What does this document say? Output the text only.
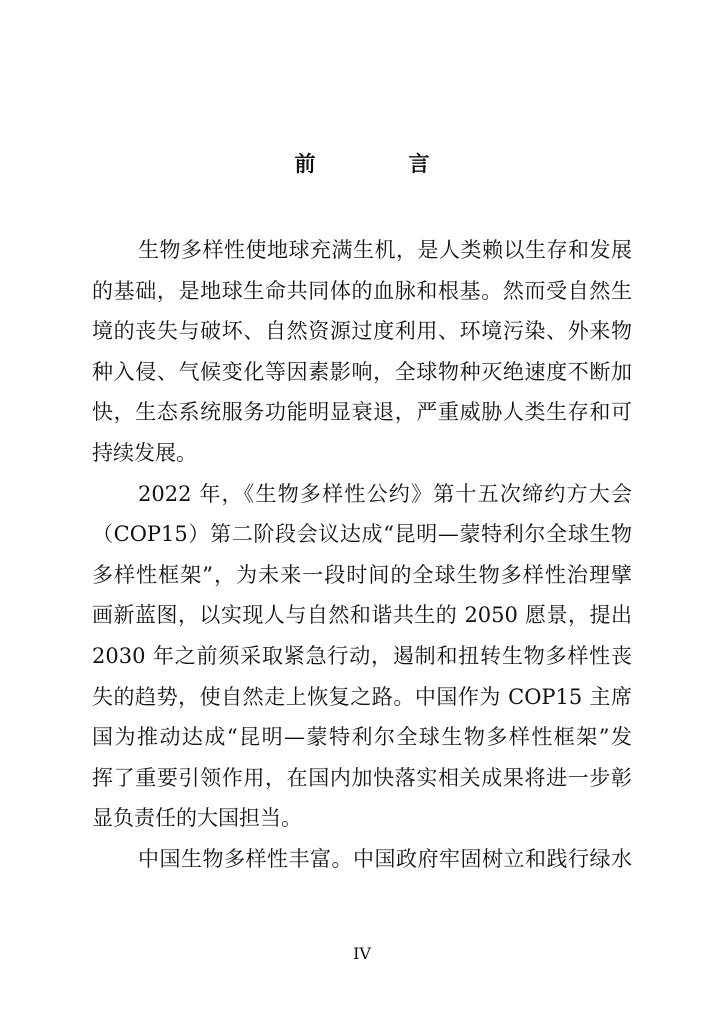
前　言
生物多样性使地球充满生机，是人类赖以生存和发展
的基础，是地球生命共同体的血脉和根基。然而受自然生
境的丧失与破坏、自然资源过度利用、环境污染、外来物
种入侵、气候变化等因素影响，全球物种灭绝速度不断加
快，生态系统服务功能明显衰退，严重威胁人类生存和可
持续发展。
2022 年，《生物多样性公约》第十五次缔约方大会
（COP15）第二阶段会议达成“昆明—蒙特利尔全球生物
多样性框架”，为未来一段时间的全球生物多样性治理擘
画新蓝图，以实现人与自然和谐共生的 2050 愿景，提出
2030 年之前须采取紧急行动，遏制和扭转生物多样性丧
失的趋势，使自然走上恢复之路。中国作为 COP15 主席
国为推动达成“昆明—蒙特利尔全球生物多样性框架”发
挥了重要引领作用，在国内加快落实相关成果将进一步彰
显负责任的大国担当。
中国生物多样性丰富。中国政府牢固树立和践行绿水
IV
